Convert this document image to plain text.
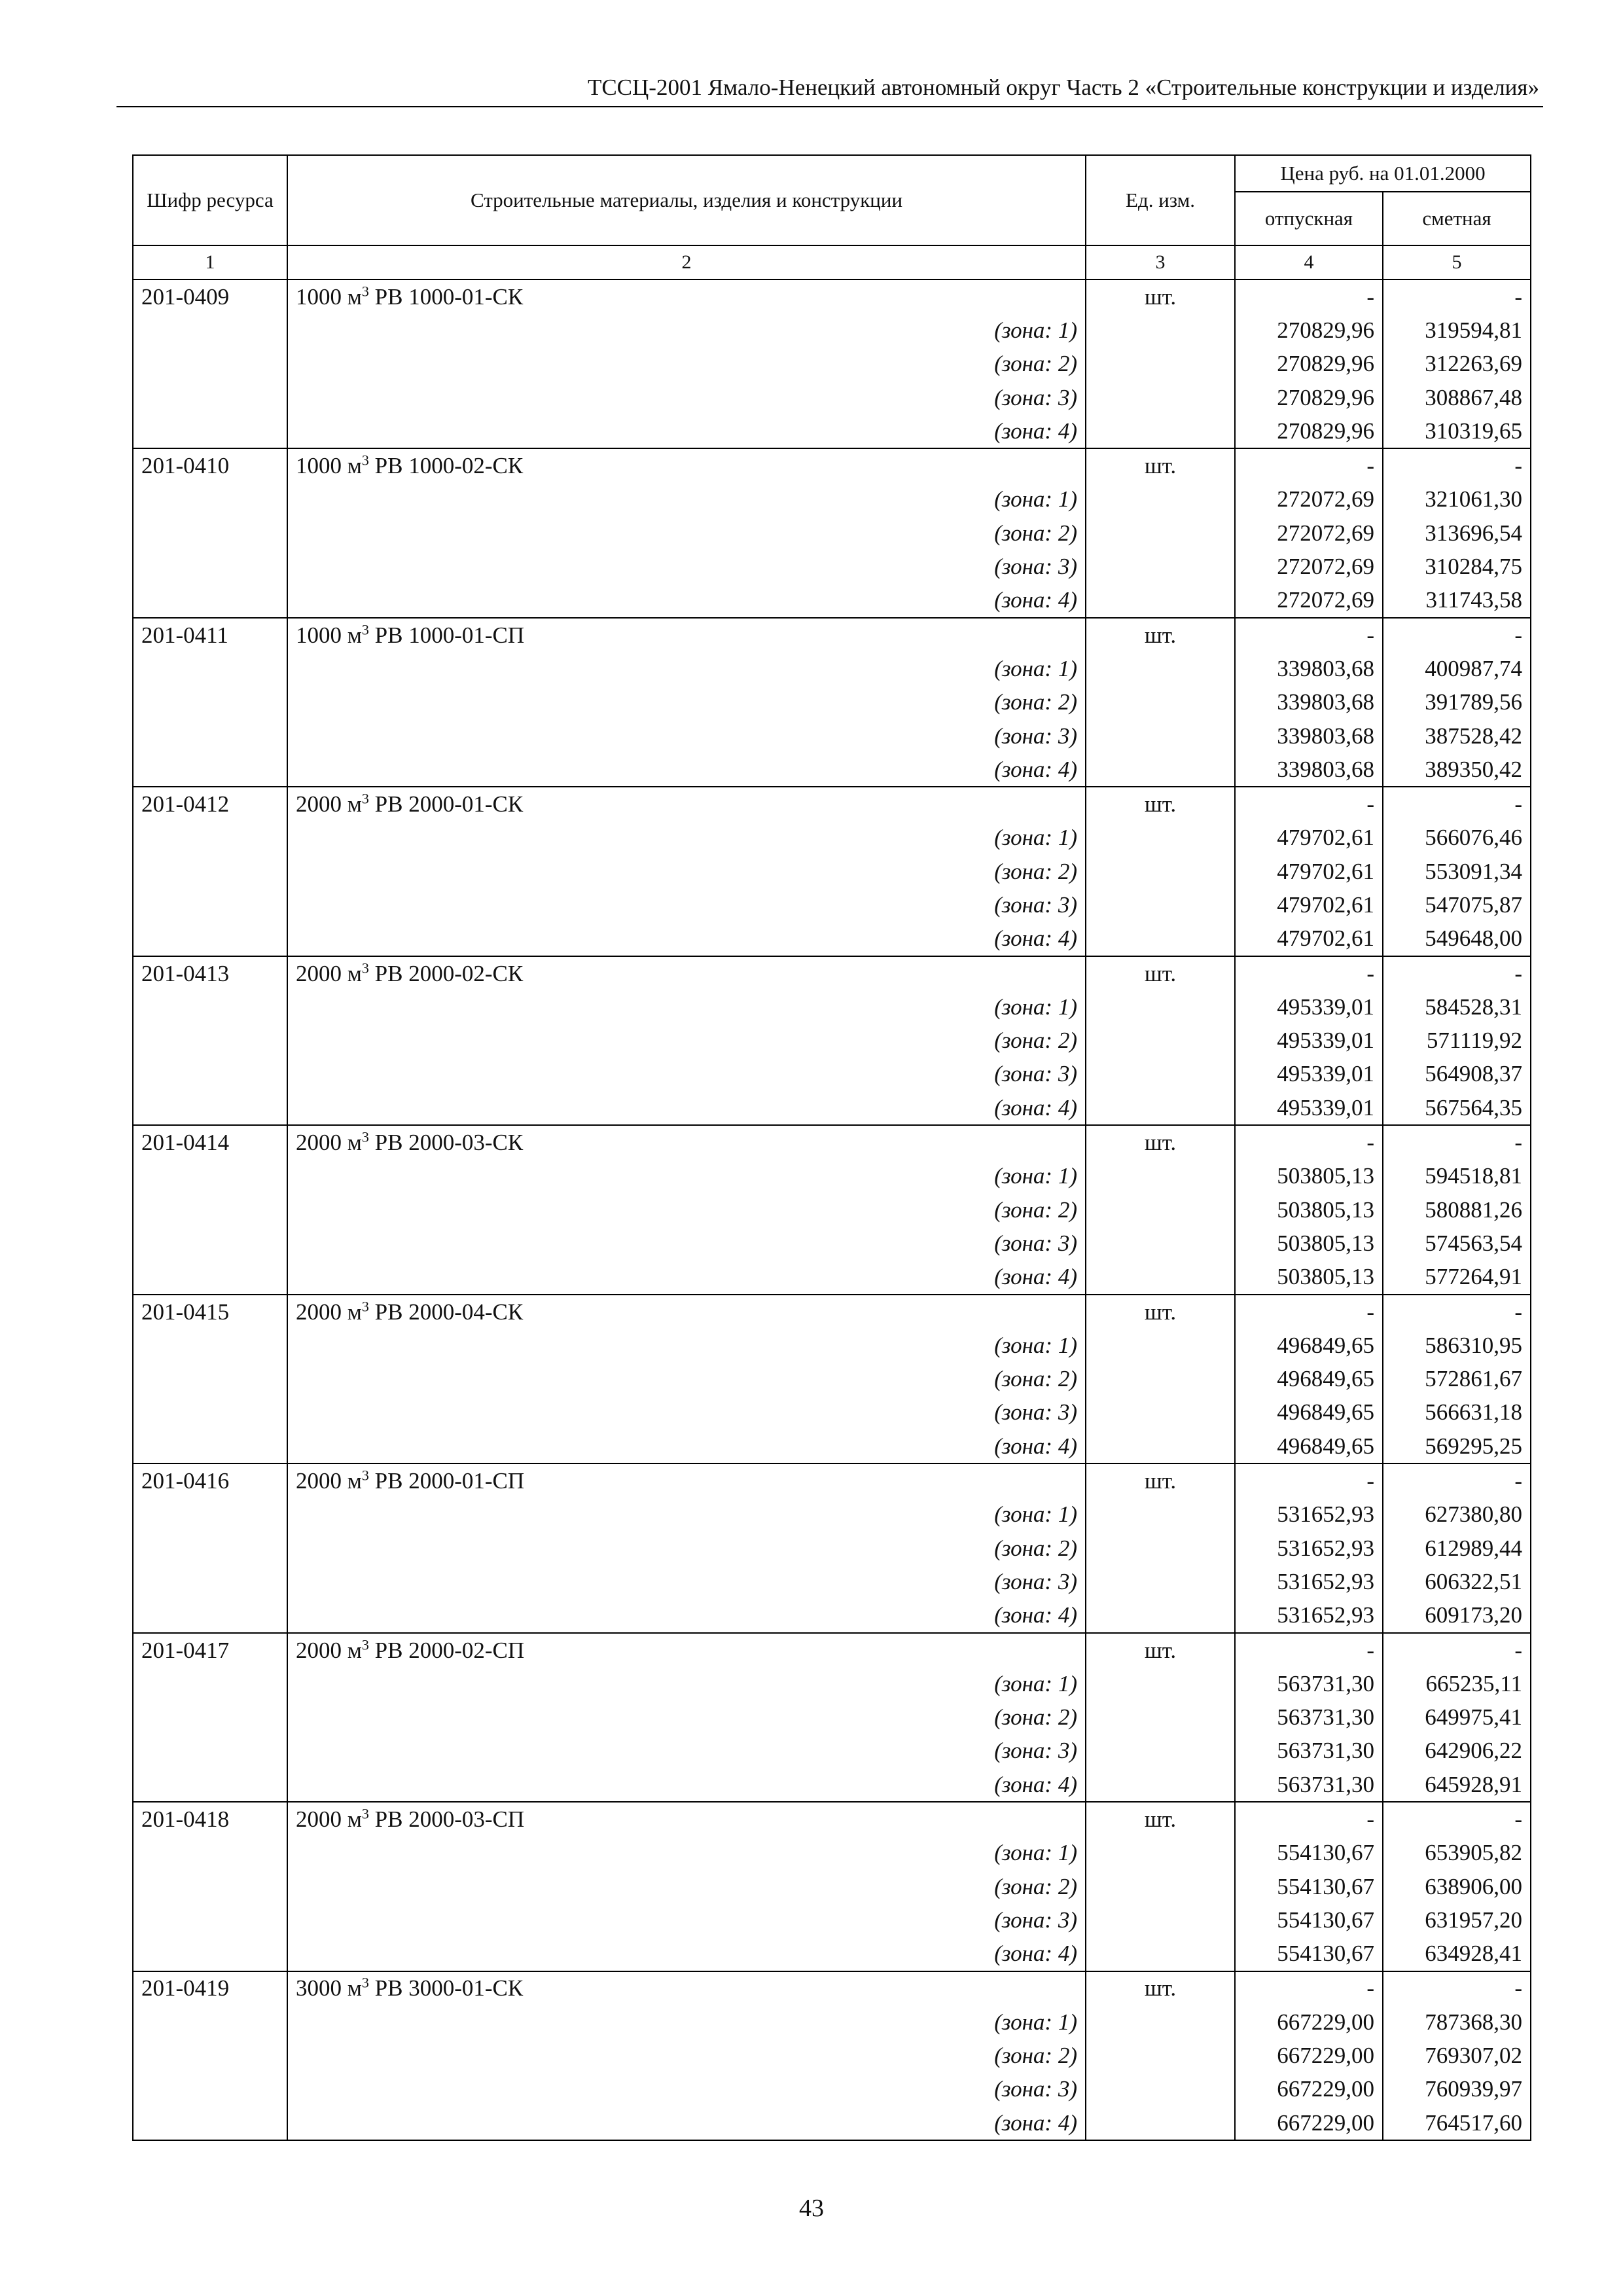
ТССЦ-2001 Ямало-Ненецкий автономный округ Часть 2 «Строительные конструкции и изделия»
Шифр ресурса	Строительные материалы, изделия и конструкции	Ед. изм.	Цена руб. на 01.01.2000	
			отпускная	сметная
1	2	3	4	5
201-0409	1000 $м^3$ РВ 1000-01-СК	шт.	-	-
	(зона: 1)		270829,96	319594,81
	(зона: 2)		270829,96	312263,69
	(зона: 3)		270829,96	308867,48
	(зона: 4)		270829,96	310319,65
201-0410	1000 $м^3$ РВ 1000-02-СК	шт.	-	-
	(зона: 1)		272072,69	321061,30
	(зона: 2)		272072,69	313696,54
	(зона: 3)		272072,69	310284,75
	(зона: 4)		272072,69	311743,58
201-0411	1000 $м^3$ РВ 1000-01-СП	шт.	-	-
	(зона: 1)		339803,68	400987,74
	(зона: 2)		339803,68	391789,56
	(зона: 3)		339803,68	387528,42
	(зона: 4)		339803,68	389350,42
201-0412	2000 $м^3$ РВ 2000-01-СК	шт.	-	-
	(зона: 1)		479702,61	566076,46
	(зона: 2)		479702,61	553091,34
	(зона: 3)		479702,61	547075,87
	(зона: 4)		479702,61	549648,00
201-0413	2000 $м^3$ РВ 2000-02-СК	шт.	-	-
	(зона: 1)		495339,01	584528,31
	(зона: 2)		495339,01	571119,92
	(зона: 3)		495339,01	564908,37
	(зона: 4)		495339,01	567564,35
201-0414	2000 $м^3$ РВ 2000-03-СК	шт.	-	-
	(зона: 1)		503805,13	594518,81
	(зона: 2)		503805,13	580881,26
	(зона: 3)		503805,13	574563,54
	(зона: 4)		503805,13	577264,91
201-0415	2000 $м^3$ РВ 2000-04-СК	шт.	-	-
	(зона: 1)		496849,65	586310,95
	(зона: 2)		496849,65	572861,67
	(зона: 3)		496849,65	566631,18
	(зона: 4)		496849,65	569295,25
201-0416	2000 $м^3$ РВ 2000-01-СП	шт.	-	-
	(зона: 1)		531652,93	627380,80
	(зона: 2)		531652,93	612989,44
	(зона: 3)		531652,93	606322,51
	(зона: 4)		531652,93	609173,20
201-0417	2000 $м^3$ РВ 2000-02-СП	шт.	-	-
	(зона: 1)		563731,30	665235,11
	(зона: 2)		563731,30	649975,41
	(зона: 3)		563731,30	642906,22
	(зона: 4)		563731,30	645928,91
201-0418	2000 $м^3$ РВ 2000-03-СП	шт.	-	-
	(зона: 1)		554130,67	653905,82
	(зона: 2)		554130,67	638906,00
	(зона: 3)		554130,67	631957,20
	(зона: 4)		554130,67	634928,41
201-0419	3000 $м^3$ РВ 3000-01-СК	шт.	-	-
	(зона: 1)		667229,00	787368,30
	(зона: 2)		667229,00	769307,02
	(зона: 3)		667229,00	760939,97
	(зона: 4)		667229,00	764517,60
43
